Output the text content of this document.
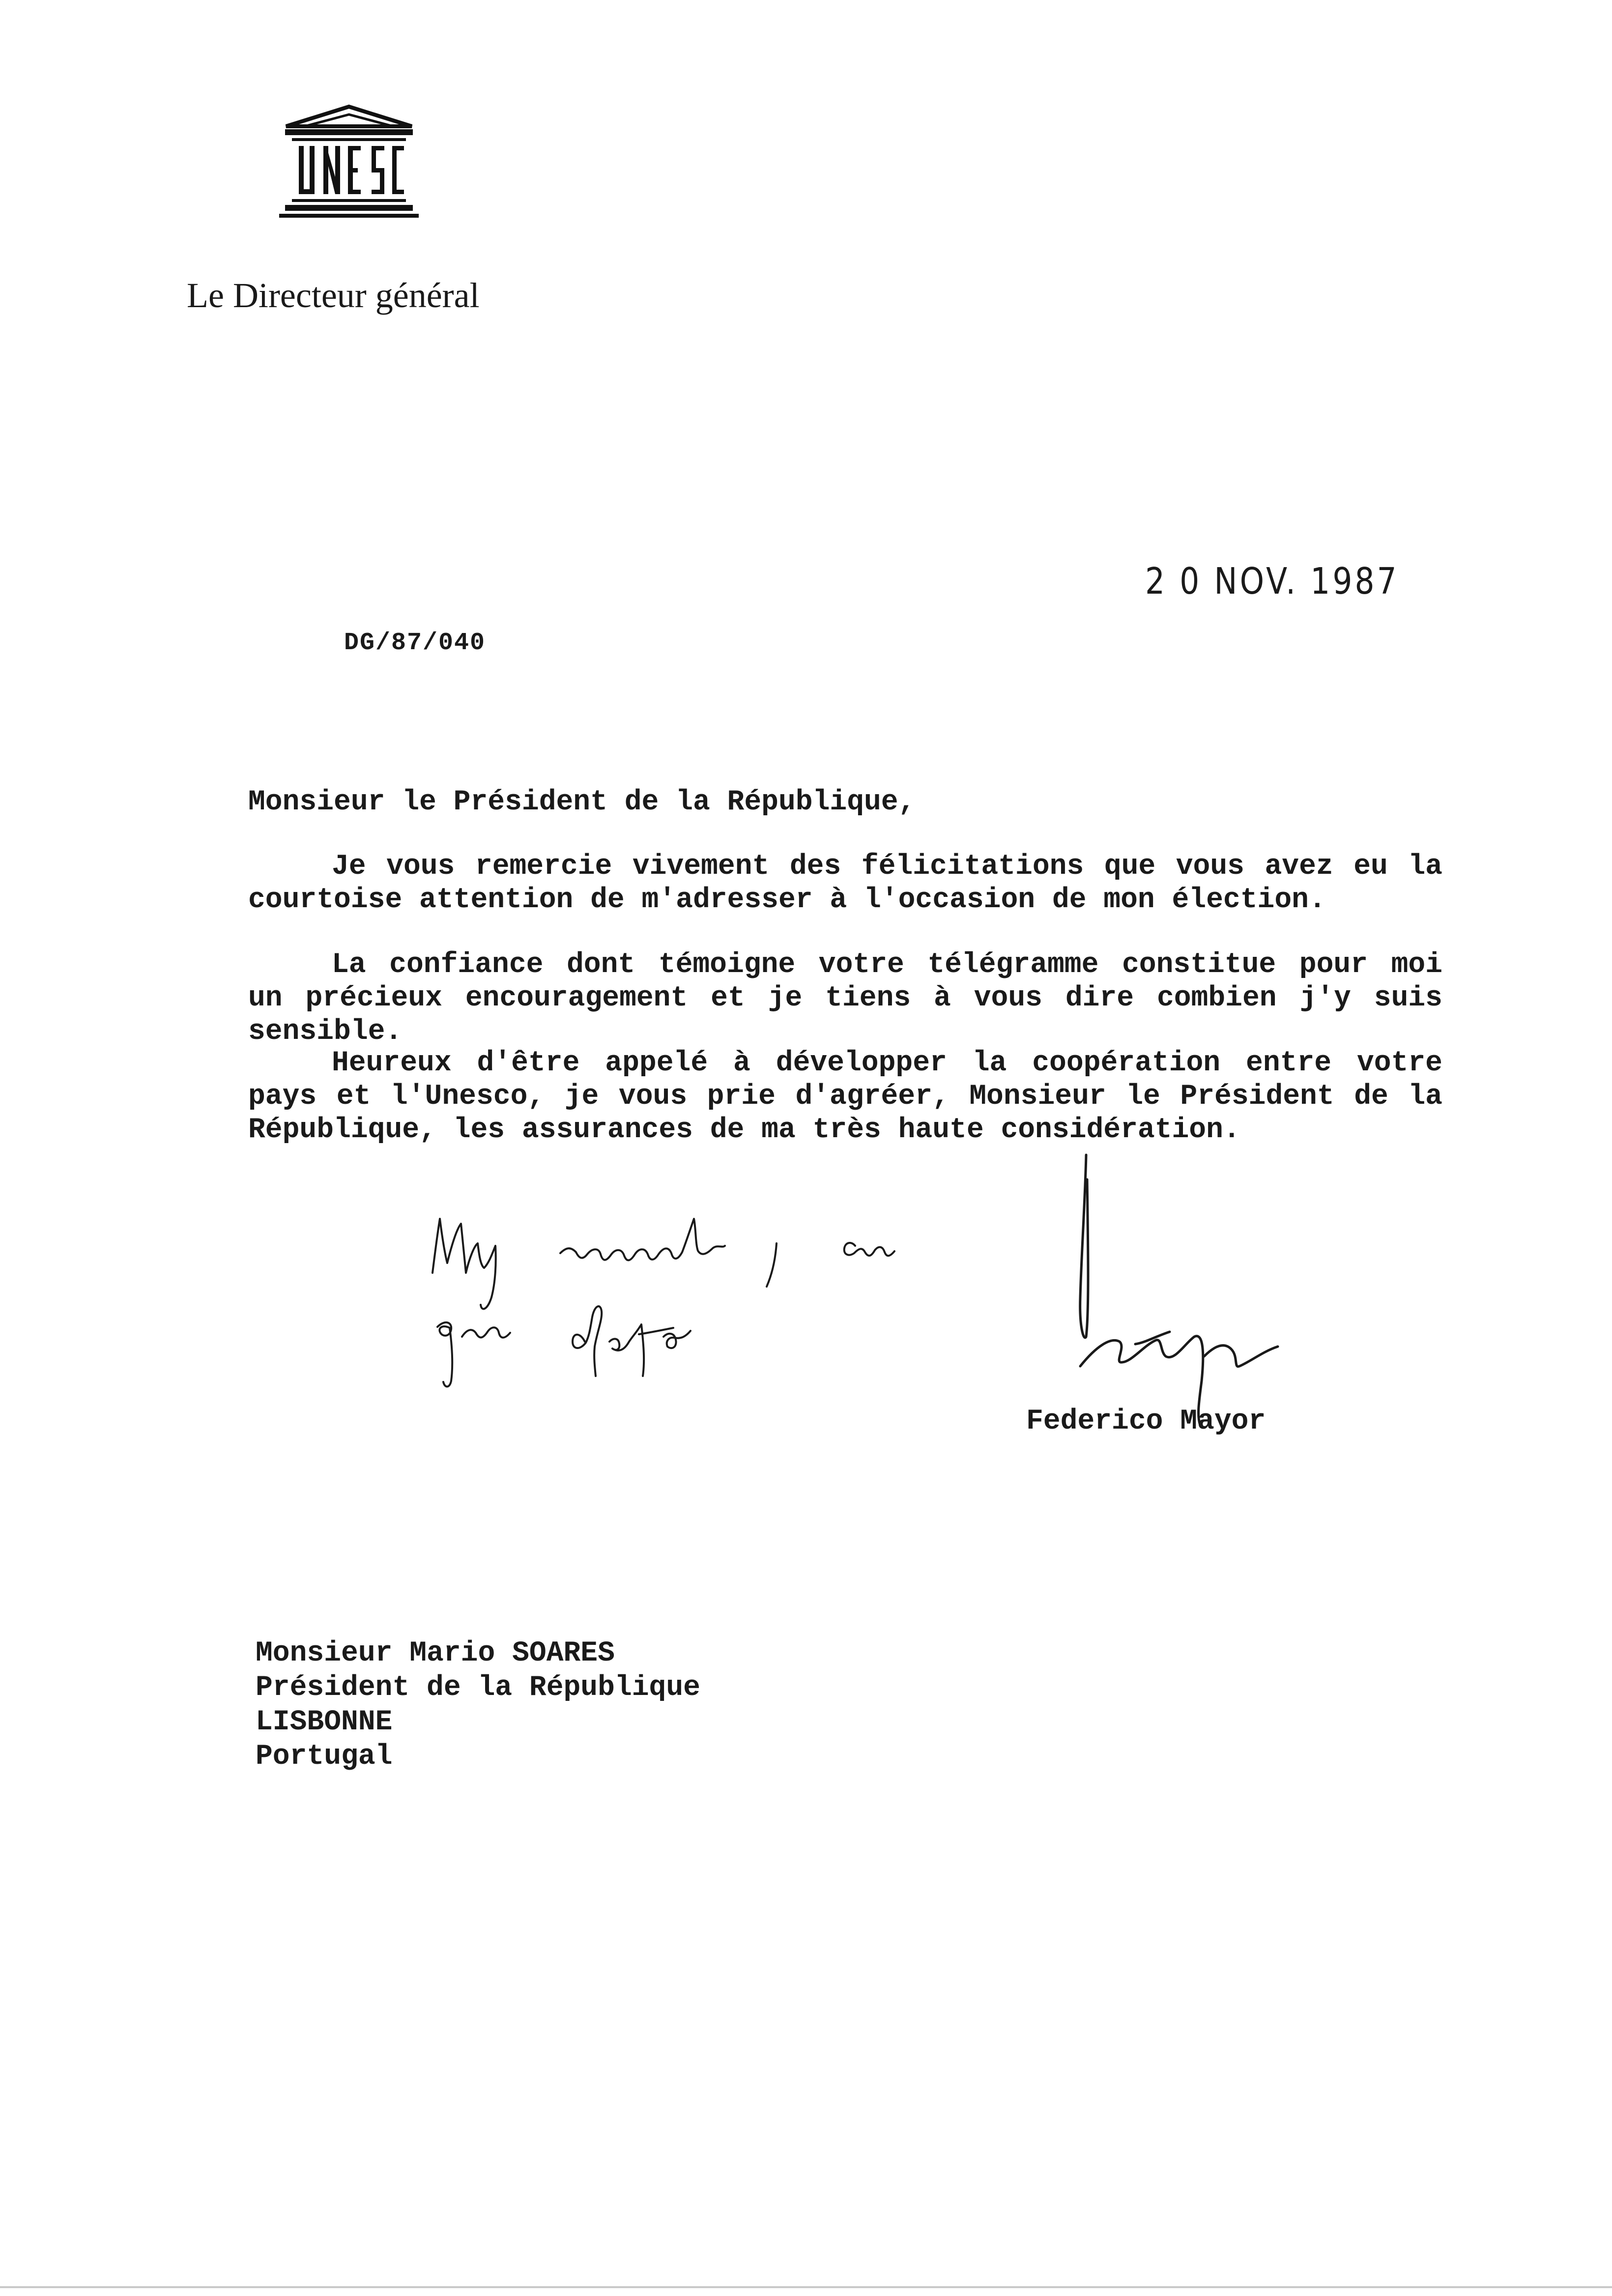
Le Directeur général
2 0 NOV. 1987
DG/87/040
Monsieur le Président de la République,
Je vous remercie vivement des félicitations que vous avez eu la courtoise attention de m'adresser à l'occasion de mon élection.
La confiance dont témoigne votre télégramme constitue pour moi un précieux encouragement et je tiens à vous dire combien j'y suis sensible.
Heureux d'être appelé à développer la coopération entre votre pays et l'Unesco, je vous prie d'agréer, Monsieur le Président de la République, les assurances de ma très haute considération.
Federico Mayor
Monsieur Mario SOARES
Président de la République
LISBONNE
Portugal
